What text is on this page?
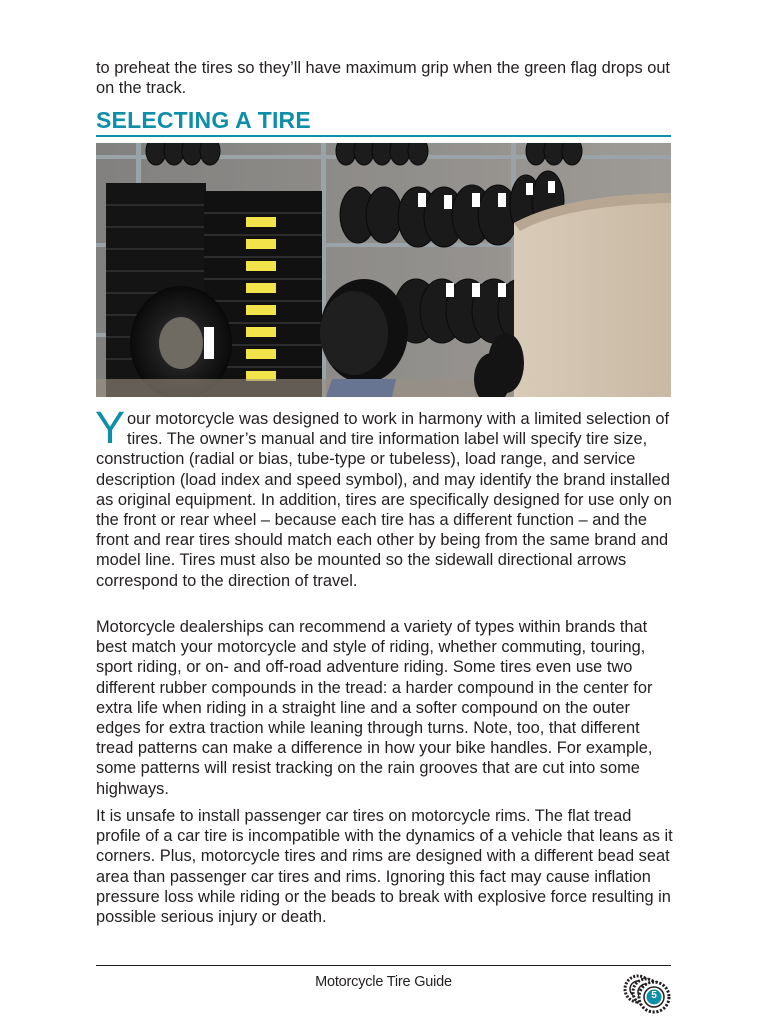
to preheat the tires so they’ll have maximum grip when the green flag drops out on the track.

SELECTING A TIRE

Your motorcycle was designed to work in harmony with a limited selection of tires. The owner’s manual and tire information label will specify tire size, construction (radial or bias, tube-type or tubeless), load range, and service description (load index and speed symbol), and may identify the brand installed as original equipment. In addition, tires are specifically designed for use only on the front or rear wheel – because each tire has a different function – and the front and rear tires should match each other by being from the same brand and model line. Tires must also be mounted so the sidewall directional arrows correspond to the direction of travel.

Motorcycle dealerships can recommend a variety of types within brands that best match your motorcycle and style of riding, whether commuting, touring, sport riding, or on- and off-road adventure riding. Some tires even use two different rubber compounds in the tread: a harder compound in the center for extra life when riding in a straight line and a softer compound on the outer edges for extra traction while leaning through turns. Note, too, that different tread patterns can make a difference in how your bike handles. For example, some patterns will resist tracking on the rain grooves that are cut into some highways.

It is unsafe to install passenger car tires on motorcycle rims. The flat tread profile of a car tire is incompatible with the dynamics of a vehicle that leans as it corners. Plus, motorcycle tires and rims are designed with a different bead seat area than passenger car tires and rims. Ignoring this fact may cause inflation pressure loss while riding or the beads to break with explosive force resulting in possible serious injury or death.

Motorcycle Tire Guide
5
